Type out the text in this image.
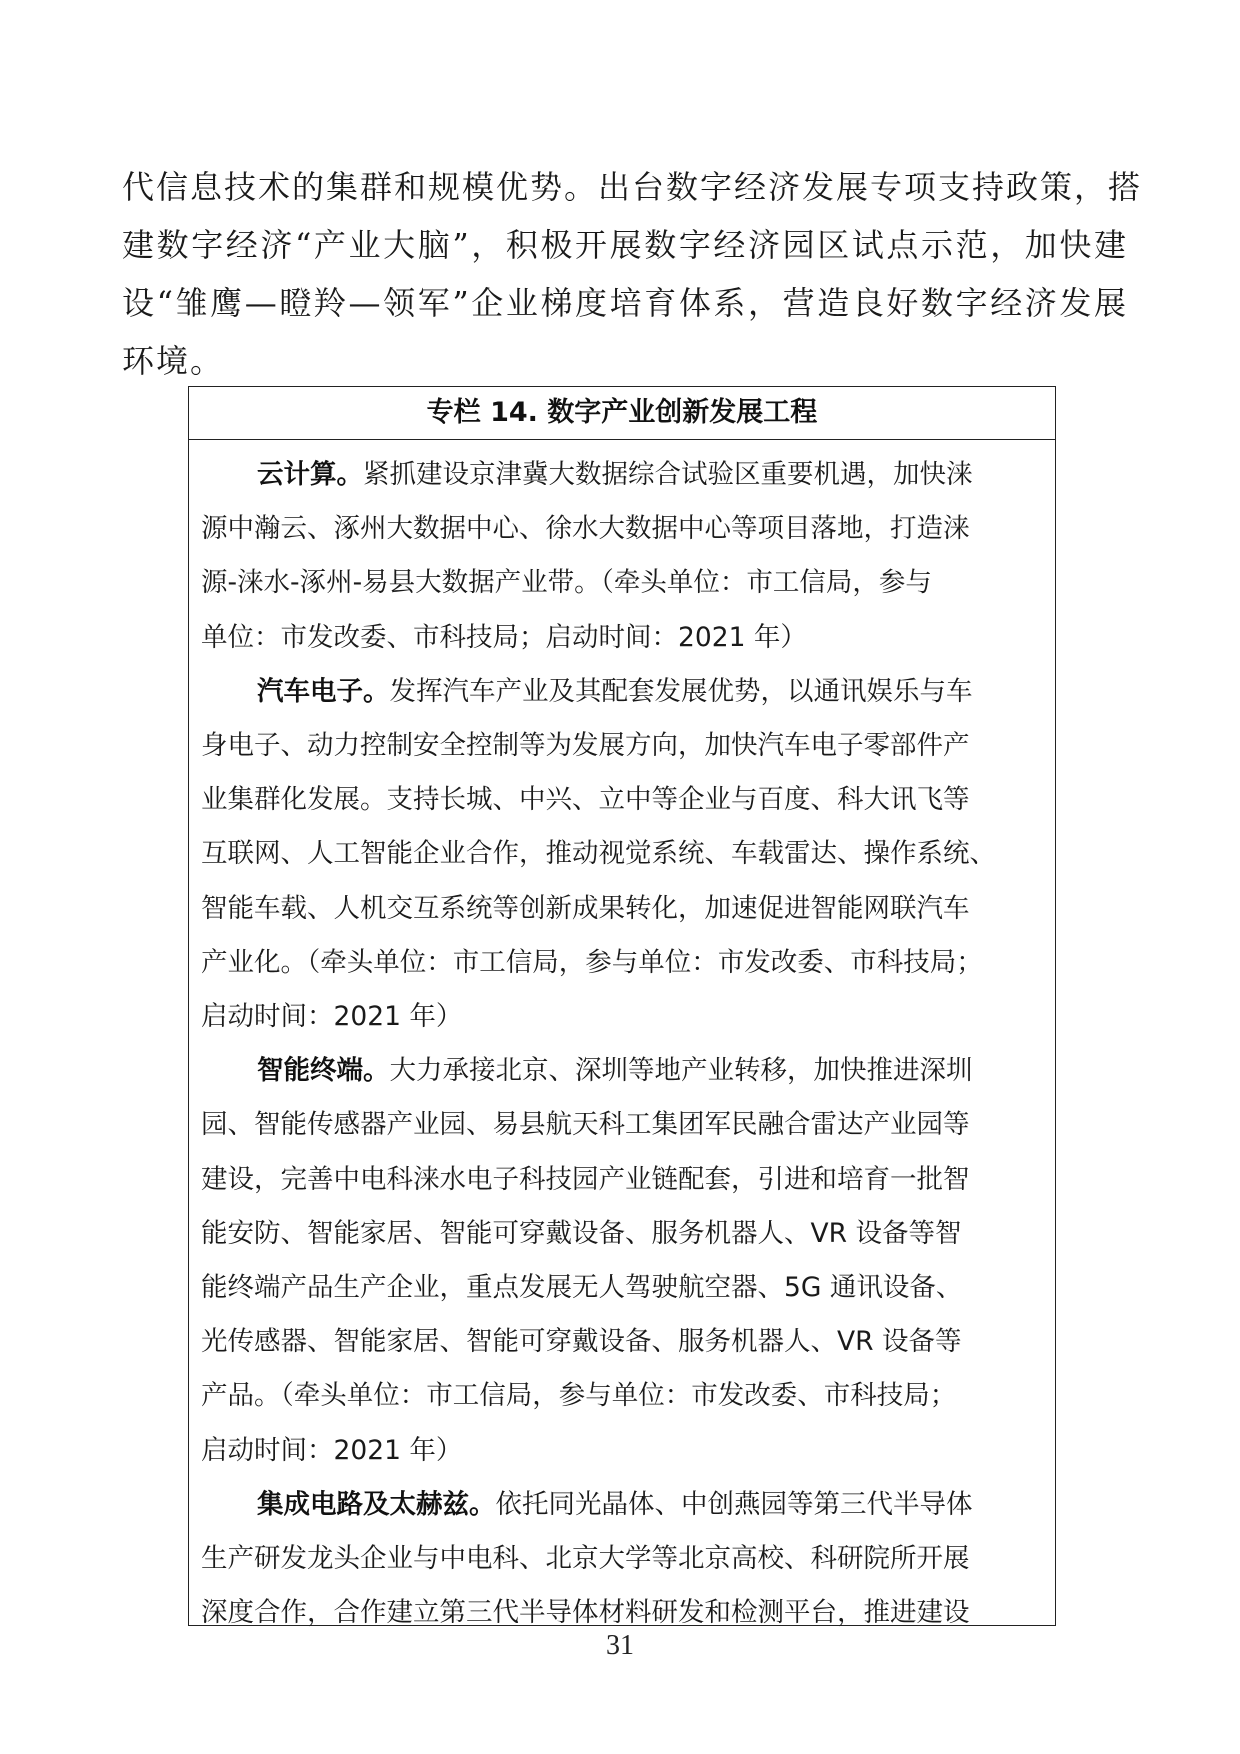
代信息技术的集群和规模优势。出台数字经济发展专项支持政策，搭
建数字经济“产业大脑”，积极开展数字经济园区试点示范，加快建
设“雏鹰—瞪羚—领军”企业梯度培育体系，营造良好数字经济发展
环境。
专栏 14. 数字产业创新发展工程
云计算。紧抓建设京津冀大数据综合试验区重要机遇，加快涞
源中瀚云、涿州大数据中心、徐水大数据中心等项目落地，打造涞
源-涞水-涿州-易县大数据产业带。（牵头单位：市工信局，参与
单位：市发改委、市科技局；启动时间：2021 年）
汽车电子。发挥汽车产业及其配套发展优势，以通讯娱乐与车
身电子、动力控制安全控制等为发展方向，加快汽车电子零部件产
业集群化发展。支持长城、中兴、立中等企业与百度、科大讯飞等
互联网、人工智能企业合作，推动视觉系统、车载雷达、操作系统、
智能车载、人机交互系统等创新成果转化，加速促进智能网联汽车
产业化。（牵头单位：市工信局，参与单位：市发改委、市科技局；
启动时间：2021 年）
智能终端。大力承接北京、深圳等地产业转移，加快推进深圳
园、智能传感器产业园、易县航天科工集团军民融合雷达产业园等
建设，完善中电科涞水电子科技园产业链配套，引进和培育一批智
能安防、智能家居、智能可穿戴设备、服务机器人、VR 设备等智
能终端产品生产企业，重点发展无人驾驶航空器、5G 通讯设备、
光传感器、智能家居、智能可穿戴设备、服务机器人、VR 设备等
产品。（牵头单位：市工信局，参与单位：市发改委、市科技局；
启动时间：2021 年）
集成电路及太赫兹。依托同光晶体、中创燕园等第三代半导体
生产研发龙头企业与中电科、北京大学等北京高校、科研院所开展
深度合作，合作建立第三代半导体材料研发和检测平台，推进建设
31
